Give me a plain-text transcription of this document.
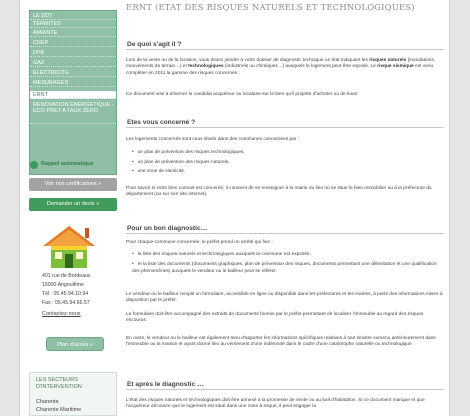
LE DDT
TERMITES
AMIANTE
CREP
DPE
GAZ
ELECTRICITE
MESURAGES
ERNT
RENOVATION ENERGETIQUE - ECO PRET A TAUX ZERO
Rappel automatique
Voir nos certifications »
Demander un devis »
401 rue de Bordeaux
16000 Angoulême
Tél : 05.45.94.10.94
Fax : 05.45.94.66.57
Contactez-nous
Plan d'accès »
LES SECTEURS D'INTERVENTION
Charente
Charente Maritime
ERNT (ETAT DES RISQUES NATURELS ET TECHNOLOGIQUES)
De quoi s'agit il ?
Lors de la vente ou de la location, vous devez joindre à votre dossier de diagnostic technique un état indiquant les risques naturels (inondations, mouvements de terrain…) et technologiques (industriels ou chimiques…) auxquels le logement peut être exposé. Le risque sismique est venu compléter en 2011 la gamme des risques concernés :
Ce document vise à informer le candidat acquéreur ou locataire sur le bien qu'il projette d'acheter ou de louer.
Etes vous concerné ?
Les logements concernés sont ceux situés dans des communes concernées par :
• un plan de prévention des risques technologiques,
• un plan de prévention des risques naturels,
• une zone de sismicité.
Pour savoir si votre bien connait est concerné, il convient de se renseigner à la mairie du lieu où se situe le bien immobilier ou à la préfecture du département (ou sur son site internet).
Pour un bon diagnostic…
Pour chaque commune concernée, le préfet prend un arrêté qui fixe :
• la liste des risques naturels et technologiques auxquels la commune est exposée,
• et la liste des documents (documents graphiques, plan de prévention des risques, documents permettant une délimitation et une qualification des phénomènes) auxquels le vendeur ou le bailleur peut se référer.
Le vendeur ou le bailleur remplit un formulaire, accessible en ligne ou disponible dans les préfectures et les mairies, à partir des informations mises à disposition par le préfet.
Le formulaire doit être accompagné des extraits de documents fournis par le préfet permettant de localiser l'immeuble au regard des risques encourus.
En outre, le vendeur ou le bailleur est également tenu d'apporter les informations spécifiques relatives à tout sinistre survenu antérieurement dans l'immeuble ou la maison et ayant donné lieu au versement d'une indémnité dans le cadre d'une catastrophe naturelle ou technologique.
Et après le diagnostic …
L'état des risques naturels et technologiques doit être annexé à la promesse de vente ou au bail d'habitation. Si ce document manque et que l'acquéreur découvre que le logement est situé dans une zone à risque, il peut engager la
